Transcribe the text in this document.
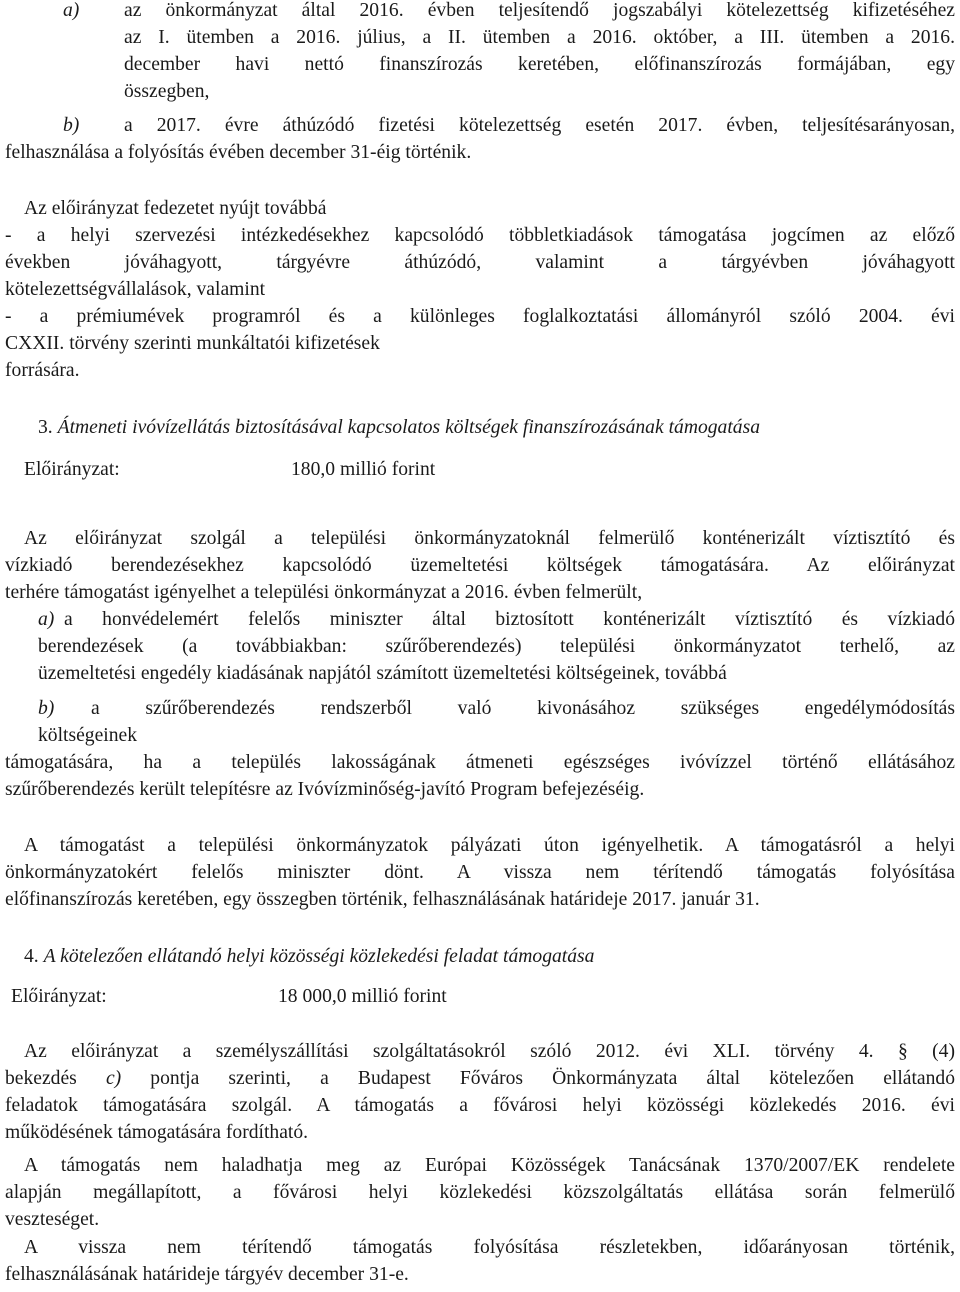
a) az önkormányzat által 2016. évben teljesítendő jogszabályi kötelezettség kifizetéséhez
az I. ütemben a 2016. július, a II. ütemben a 2016. október, a III. ütemben a 2016.
december havi nettó finanszírozás keretében, előfinanszírozás formájában, egy
összegben,
b) a 2017. évre áthúzódó fizetési kötelezettség esetén 2017. évben, teljesítésarányosan,
felhasználása a folyósítás évében december 31-éig történik.
Az előirányzat fedezetet nyújt továbbá
- a helyi szervezési intézkedésekhez kapcsolódó többletkiadások támogatása jogcímen az előző
években jóváhagyott, tárgyévre áthúzódó, valamint a tárgyévben jóváhagyott
kötelezettségvállalások, valamint
- a prémiumévek programról és a különleges foglalkoztatási állományról szóló 2004. évi
CXXII. törvény szerinti munkáltatói kifizetések
forrására.
3. Átmeneti ivóvízellátás biztosításával kapcsolatos költségek finanszírozásának támogatása
Előirányzat:	180,0 millió forint
Az előirányzat szolgál a települési önkormányzatoknál felmerülő konténerizált víztisztító és
vízkiadó berendezésekhez kapcsolódó üzemeltetési költségek támogatására. Az előirányzat
terhére támogatást igényelhet a települési önkormányzat a 2016. évben felmerült,
a) a honvédelemért felelős miniszter által biztosított konténerizált víztisztító és vízkiadó
berendezések (a továbbiakban: szűrőberendezés) települési önkormányzatot terhelő, az
üzemeltetési engedély kiadásának napjától számított üzemeltetési költségeinek, továbbá
b) a szűrőberendezés rendszerből való kivonásához szükséges engedélymódosítás
költségeinek
támogatására, ha a település lakosságának átmeneti egészséges ivóvízzel történő ellátásához
szűrőberendezés került telepítésre az Ivóvízminőség-javító Program befejezéséig.
A támogatást a települési önkormányzatok pályázati úton igényelhetik. A támogatásról a helyi
önkormányzatokért felelős miniszter dönt. A vissza nem térítendő támogatás folyósítása
előfinanszírozás keretében, egy összegben történik, felhasználásának határideje 2017. január 31.
4. A kötelezően ellátandó helyi közösségi közlekedési feladat támogatása
Előirányzat:	18 000,0 millió forint
Az előirányzat a személyszállítási szolgáltatásokról szóló 2012. évi XLI. törvény 4. § (4)
bekezdés c) pontja szerinti, a Budapest Főváros Önkormányzata által kötelezően ellátandó
feladatok támogatására szolgál. A támogatás a fővárosi helyi közösségi közlekedés 2016. évi
működésének támogatására fordítható.
A támogatás nem haladhatja meg az Európai Közösségek Tanácsának 1370/2007/EK rendelete
alapján megállapított, a fővárosi helyi közlekedési közszolgáltatás ellátása során felmerülő
veszteséget.
A vissza nem térítendő támogatás folyósítása részletekben, időarányosan történik,
felhasználásának határideje tárgyév december 31-e.
